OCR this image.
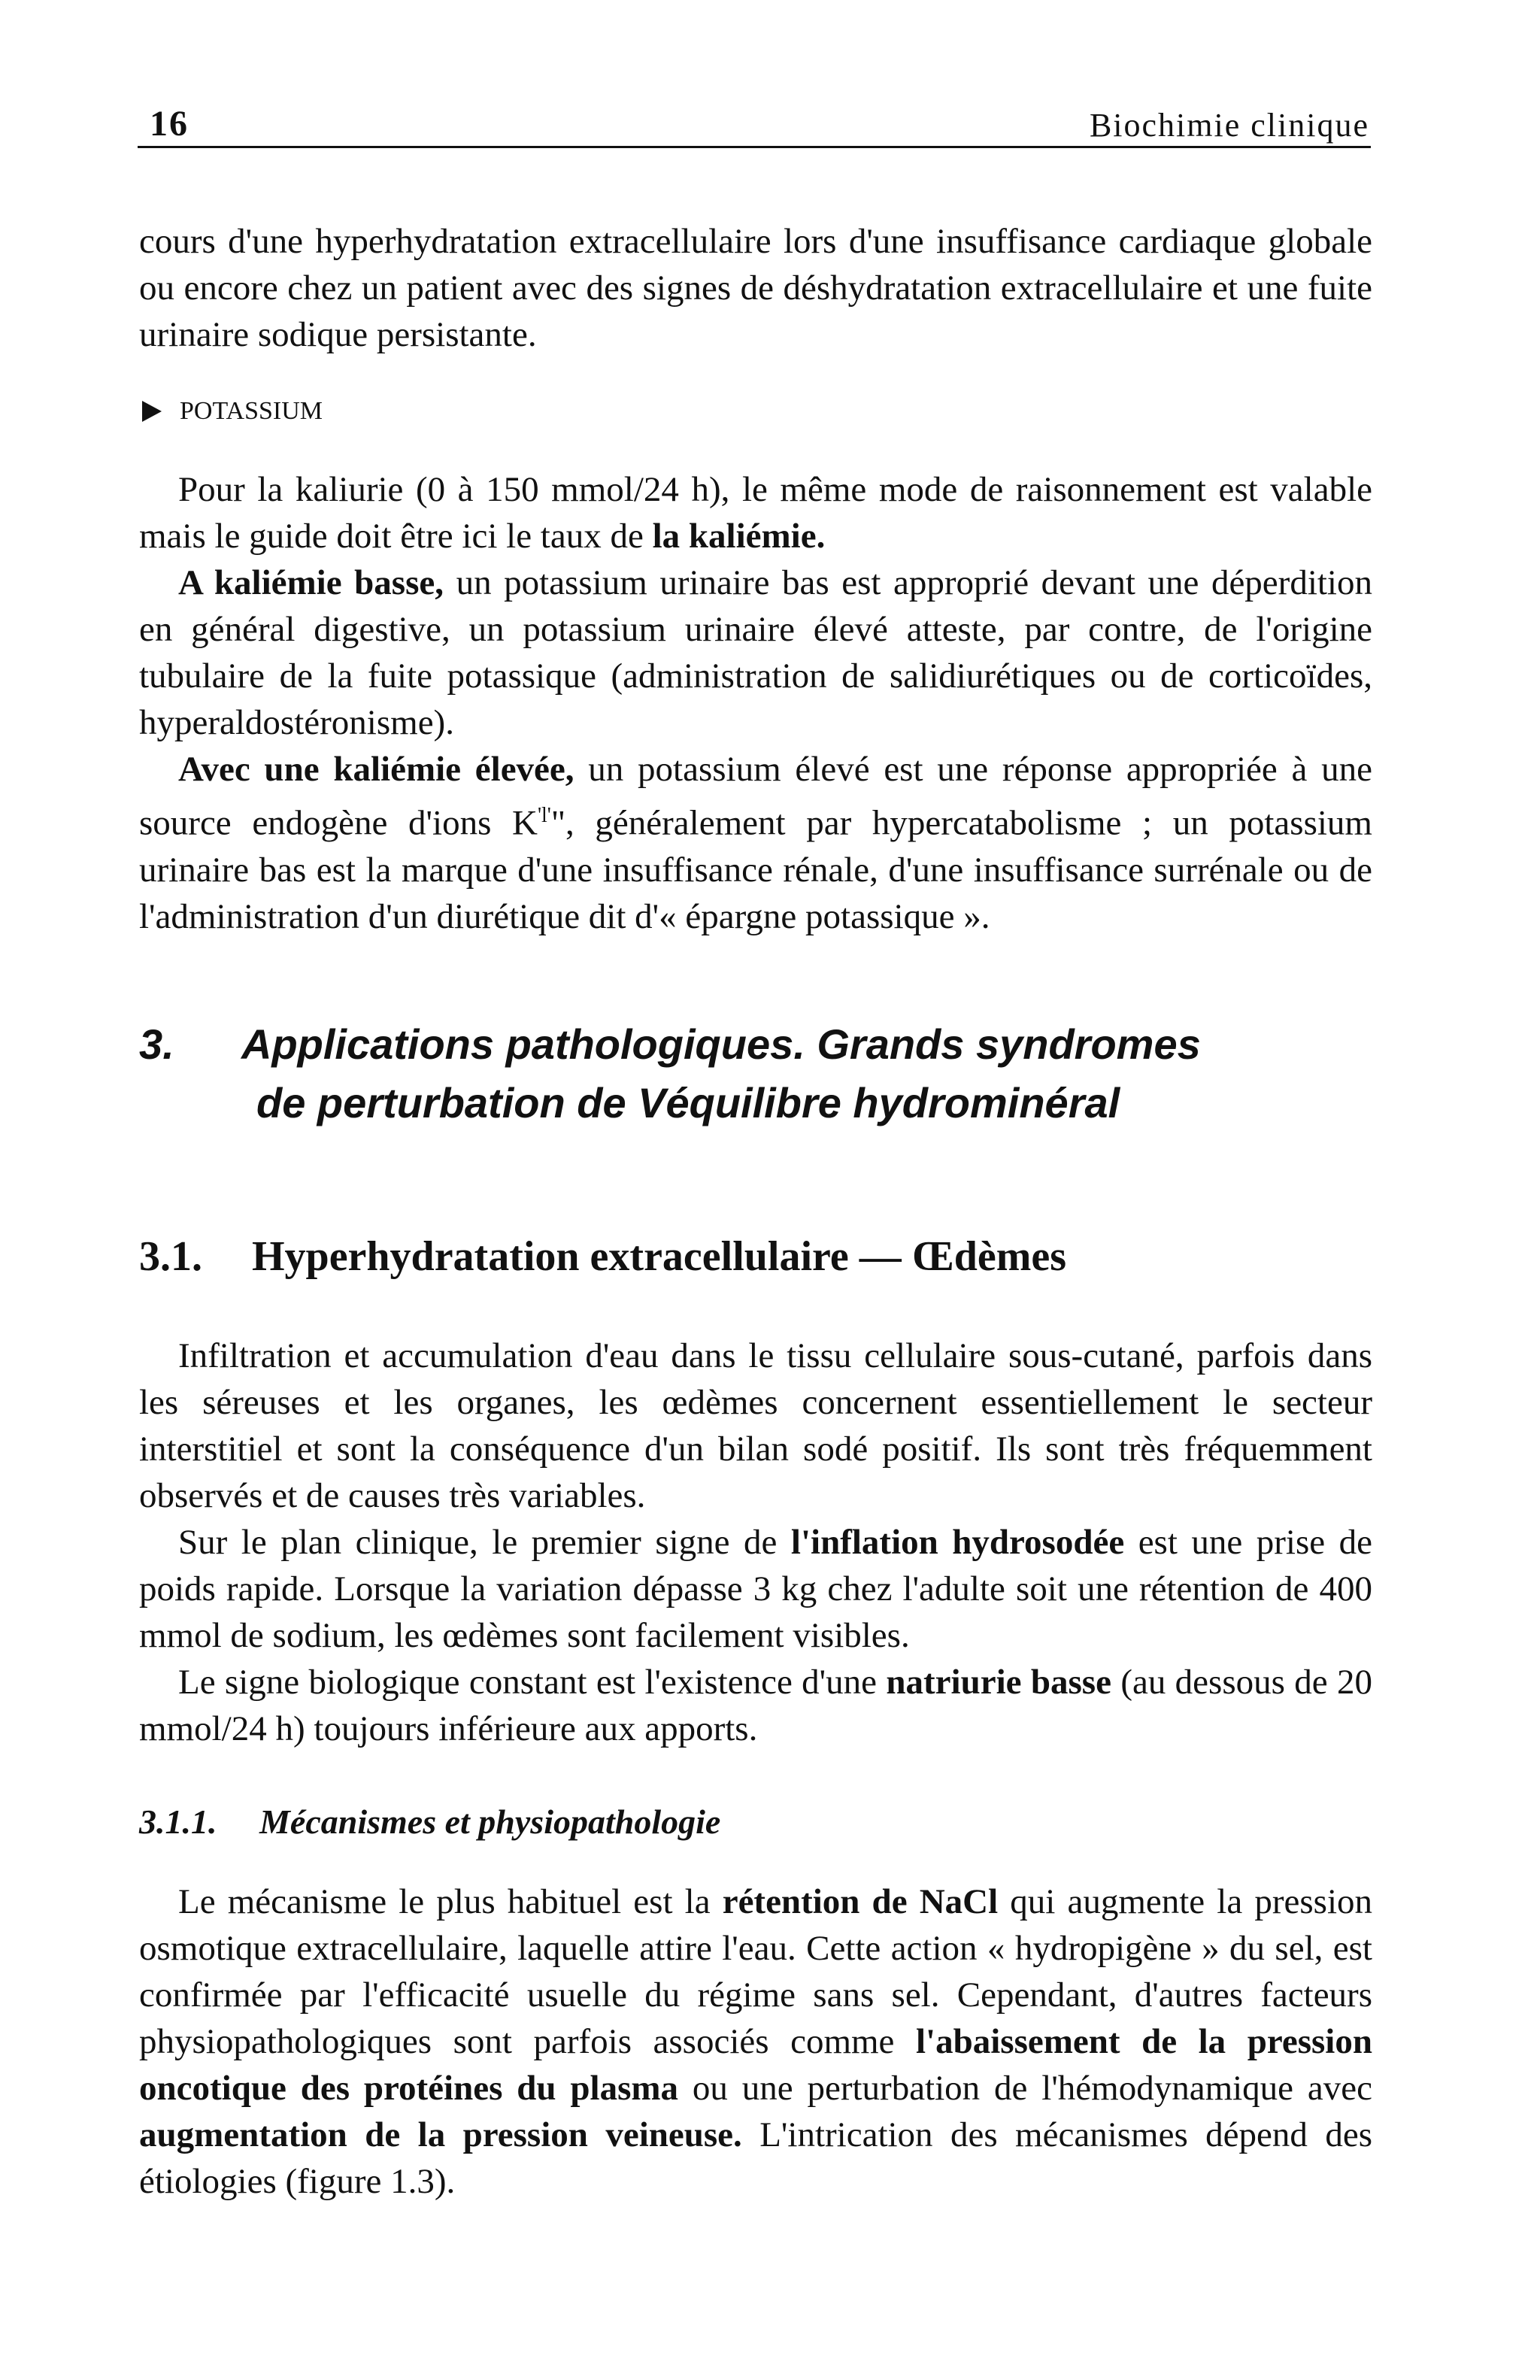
16	Biochimie clinique

cours d'une hyperhydratation extracellulaire lors d'une insuffisance cardiaque globale ou encore chez un patient avec des signes de déshydratation extracellulaire et une fuite urinaire sodique persistante.

POTASSIUM

Pour la kaliurie (0 à 150 mmol/24 h), le même mode de raisonnement est valable mais le guide doit être ici le taux de la kaliémie.

A kaliémie basse, un potassium urinaire bas est approprié devant une déperdition en général digestive, un potassium urinaire élevé atteste, par contre, de l'origine tubulaire de la fuite potassique (administration de salidiurétiques ou de corticoïdes, hyperaldostéronisme).

Avec une kaliémie élevée, un potassium élevé est une réponse appropriée à une source endogène d'ions $K^{'l'}$", généralement par hypercatabolisme ; un potassium urinaire bas est la marque d'une insuffisance rénale, d'une insuffisance surrénale ou de l'administration d'un diurétique dit d'« épargne potassique ».

3. Applications pathologiques. Grands syndromes
de perturbation de Véquilibre hydrominéral
3.1. Hyperhydratation extracellulaire — Œdèmes

Infiltration et accumulation d'eau dans le tissu cellulaire sous-cutané, parfois dans les séreuses et les organes, les œdèmes concernent essentiellement le secteur interstitiel et sont la conséquence d'un bilan sodé positif. Ils sont très fréquemment observés et de causes très variables.

Sur le plan clinique, le premier signe de l'inflation hydrosodée est une prise de poids rapide. Lorsque la variation dépasse 3 kg chez l'adulte soit une rétention de 400 mmol de sodium, les œdèmes sont facilement visibles.

Le signe biologique constant est l'existence d'une natriurie basse (au dessous de 20 mmol/24 h) toujours inférieure aux apports.

3.1.1. Mécanismes et physiopathologie

Le mécanisme le plus habituel est la rétention de NaCl qui augmente la pression osmotique extracellulaire, laquelle attire l'eau. Cette action « hydropigène » du sel, est confirmée par l'efficacité usuelle du régime sans sel. Cependant, d'autres facteurs physiopathologiques sont parfois associés comme l'abaissement de la pression oncotique des protéines du plasma ou une perturbation de l'hémodynamique avec augmentation de la pression veineuse. L'intrication des mécanismes dépend des étiologies (figure 1.3).
